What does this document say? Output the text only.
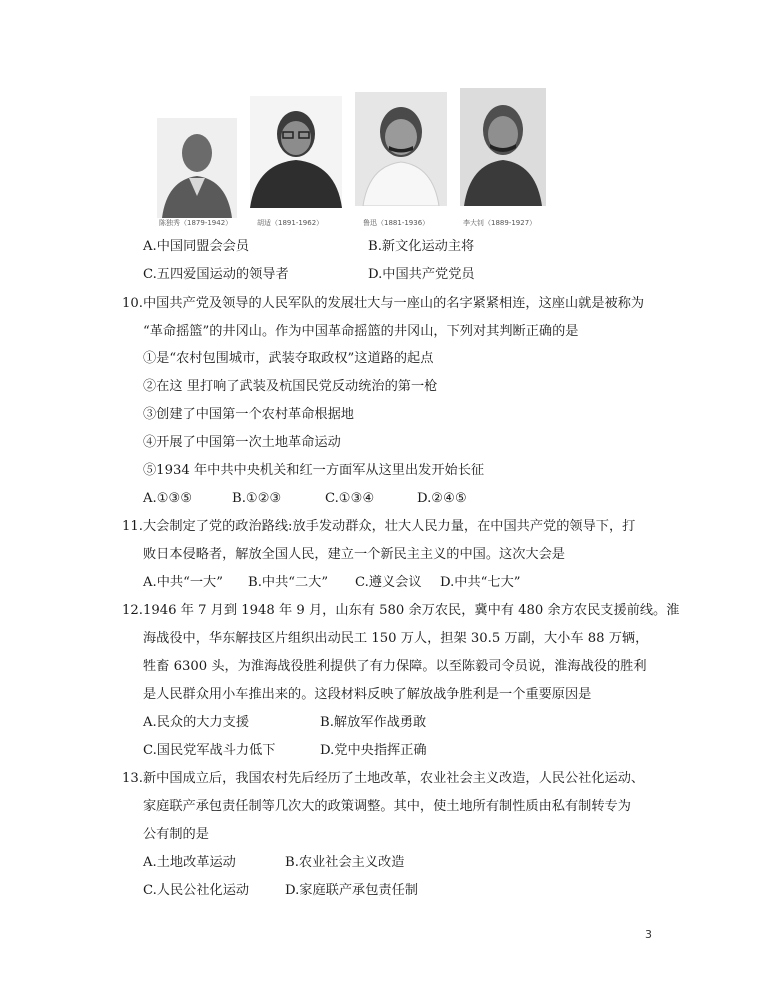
陈独秀（1879-1942）	胡适（1891-1962）	鲁迅（1881-1936）	李大钊（1889-1927）
A.中国同盟会会员	B.新文化运动主将
C.五四爱国运动的领导者	D.中国共产党党员
10.中国共产党及领导的人民军队的发展壮大与一座山的名字紧紧相连，这座山就是被称为
“革命摇篮”的井冈山。作为中国革命摇篮的井冈山，下列对其判断正确的是
①是“农村包围城市，武装夺取政权”这道路的起点
②在这 里打响了武装及杭国民党反动统治的第一枪
③创建了中国第一个农村革命根据地
④开展了中国第一次土地革命运动
⑤1934 年中共中央机关和红一方面军从这里出发开始长征
A.①③⑤	B.①②③	C.①③④	D.②④⑤
11.大会制定了党的政治路线:放手发动群众，壮大人民力量，在中国共产党的领导下，打
败日本侵略者，解放全国人民，建立一个新民主主义的中国。这次大会是
A.中共“一大” B.中共“二大” C.遵义会议 D.中共“七大”
12.1946 年 7 月到 1948 年 9 月，山东有 580 余万农民，冀中有 480 余方农民支援前线。淮
海战役中，华东解技区片组织出动民工 150 万人，担架 30.5 万副，大小车 88 万辆，
牲畜 6300 头，为淮海战役胜利提供了有力保障。以至陈毅司令员说，淮海战役的胜利
是人民群众用小车推出来的。这段材料反映了解放战争胜利是一个重要原因是
A.民众的大力支援	B.解放军作战勇敢
C.国民党军战斗力低下	D.党中央指挥正确
13.新中国成立后，我国农村先后经历了土地改革，农业社会主义改造，人民公社化运动、
家庭联产承包责任制等几次大的政策调整。其中，使土地所有制性质由私有制转专为
公有制的是
A.土地改革运动	B.农业社会主义改造
C.人民公社化运动	D.家庭联产承包责任制
3
